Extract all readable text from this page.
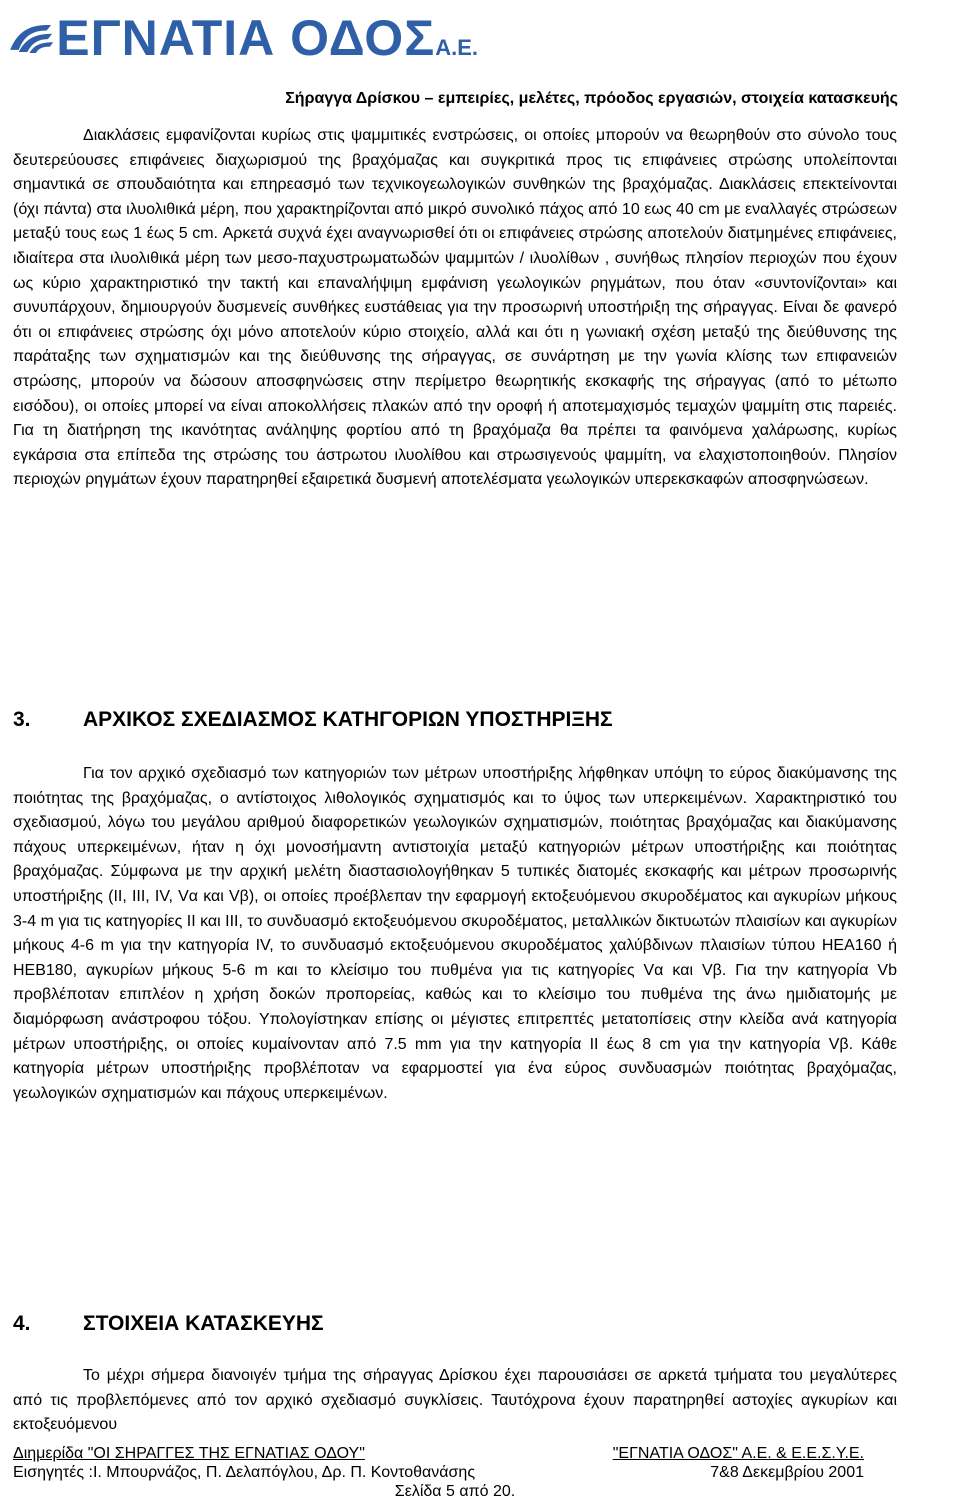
ΕΓΝΑΤΙΑ ΟΔΟΣΑ.Ε.
Σήραγγα Δρίσκου – εμπειρίες, μελέτες, πρόοδος εργασιών, στοιχεία κατασκευής

Διακλάσεις εμφανίζονται κυρίως στις ψαμμιτικές ενστρώσεις, οι οποίες μπορούν να θεωρηθούν στο σύνολο τους δευτερεύουσες επιφάνειες διαχωρισμού της βραχόμαζας και συγκριτικά προς τις επιφάνειες στρώσης υπολείπονται σημαντικά σε σπουδαιότητα και επηρεασμό των τεχνικογεωλογικών συνθηκών της βραχόμαζας. Διακλάσεις επεκτείνονται (όχι πάντα) στα ιλυολιθικά μέρη, που χαρακτηρίζονται από μικρό συνολικό πάχος από 10 εως 40 cm με εναλλαγές στρώσεων μεταξύ τους εως 1 έως 5 cm. Αρκετά συχνά έχει αναγνωρισθεί ότι οι επιφάνειες στρώσης αποτελούν διατμημένες επιφάνειες, ιδιαίτερα στα ιλυολιθικά μέρη των μεσο-παχυστρωματωδών ψαμμιτών / ιλυολίθων , συνήθως πλησίον περιοχών που έχουν ως κύριο χαρακτηριστικό την τακτή και επαναλήψιμη εμφάνιση γεωλογικών ρηγμάτων, που όταν «συντονίζονται» και συνυπάρχουν, δημιουργούν δυσμενείς συνθήκες ευστάθειας για την προσωρινή υποστήριξη της σήραγγας. Είναι δε φανερό ότι οι επιφάνειες στρώσης όχι μόνο αποτελούν κύριο στοιχείο, αλλά και ότι η γωνιακή σχέση μεταξύ της διεύθυνσης της παράταξης των σχηματισμών και της διεύθυνσης της σήραγγας, σε συνάρτηση με την γωνία κλίσης των επιφανειών στρώσης, μπορούν να δώσουν αποσφηνώσεις στην περίμετρο θεωρητικής εκσκαφής της σήραγγας (από το μέτωπο εισόδου), οι οποίες μπορεί να είναι αποκολλήσεις πλακών από την οροφή ή αποτεμαχισμός τεμαχών ψαμμίτη στις παρειές. Για τη διατήρηση της ικανότητας ανάληψης φορτίου από τη βραχόμαζα θα πρέπει τα φαινόμενα χαλάρωσης, κυρίως εγκάρσια στα επίπεδα της στρώσης του άστρωτου ιλυολίθου και στρωσιγενούς ψαμμίτη, να ελαχιστοποιηθούν. Πλησίον περιοχών ρηγμάτων έχουν παρατηρηθεί εξαιρετικά δυσμενή αποτελέσματα γεωλογικών υπερεκσκαφών αποσφηνώσεων.

3.	ΑΡΧΙΚΟΣ ΣΧΕΔΙΑΣΜΟΣ ΚΑΤΗΓΟΡΙΩΝ ΥΠΟΣΤΗΡΙΞΗΣ

Για τον αρχικό σχεδιασμό των κατηγοριών των μέτρων υποστήριξης λήφθηκαν υπόψη το εύρος διακύμανσης της ποιότητας της βραχόμαζας, ο αντίστοιχος λιθολογικός σχηματισμός και το ύψος των υπερκειμένων. Χαρακτηριστικό του σχεδιασμού, λόγω του μεγάλου αριθμού διαφορετικών γεωλογικών σχηματισμών, ποιότητας βραχόμαζας και διακύμανσης πάχους υπερκειμένων, ήταν η όχι μονοσήμαντη αντιστοιχία μεταξύ κατηγοριών μέτρων υποστήριξης και ποιότητας βραχόμαζας. Σύμφωνα με την αρχική μελέτη διαστασιολογήθηκαν 5 τυπικές διατομές εκσκαφής και μέτρων προσωρινής υποστήριξης (II, III, IV, Vα και Vβ), οι οποίες προέβλεπαν την εφαρμογή εκτοξευόμενου σκυροδέματος και αγκυρίων μήκους 3-4 m για τις κατηγορίες II και III, το συνδυασμό εκτοξευόμενου σκυροδέματος, μεταλλικών δικτυωτών πλαισίων και αγκυρίων μήκους 4-6 m για την κατηγορία IV, το συνδυασμό εκτοξευόμενου σκυροδέματος χαλύβδινων πλαισίων τύπου HEA160 ή HEB180, αγκυρίων μήκους 5-6 m και το κλείσιμο του πυθμένα για τις κατηγορίες Vα και Vβ. Για την κατηγορία Vb προβλέποταν επιπλέον η χρήση δοκών προπορείας, καθώς και το κλείσιμο του πυθμένα της άνω ημιδιατομής με διαμόρφωση ανάστροφου τόξου. Υπολογίστηκαν επίσης οι μέγιστες επιτρεπτές μετατοπίσεις στην κλείδα ανά κατηγορία μέτρων υποστήριξης, οι οποίες κυμαίνονταν από 7.5 mm για την κατηγορία II έως 8 cm για την κατηγορία Vβ. Κάθε κατηγορία μέτρων υποστήριξης προβλέποταν να εφαρμοστεί για ένα εύρος συνδυασμών ποιότητας βραχόμαζας, γεωλογικών σχηματισμών και πάχους υπερκειμένων.

4.	ΣΤΟΙΧΕΙΑ ΚΑΤΑΣΚΕΥΗΣ

Το μέχρι σήμερα διανοιγέν τμήμα της σήραγγας Δρίσκου έχει παρουσιάσει σε αρκετά τμήματα του μεγαλύτερες από τις προβλεπόμενες από τον αρχικό σχεδιασμό συγκλίσεις. Ταυτόχρονα έχουν παρατηρηθεί αστοχίες αγκυρίων και εκτοξευόμενου

Διημερίδα "ΟΙ ΣΗΡΑΓΓΕΣ ΤΗΣ ΕΓΝΑΤΙΑΣ ΟΔΟΥ"	"ΕΓΝΑΤΙΑ ΟΔΟΣ" Α.Ε. & Ε.Ε.Σ.Υ.Ε.
Εισηγητές :Ι. Μπουρνάζος, Π. Δελαπόγλου, Δρ. Π. Κοντοθανάσης	7&8 Δεκεμβρίου 2001
Σελίδα 5 από 20.
